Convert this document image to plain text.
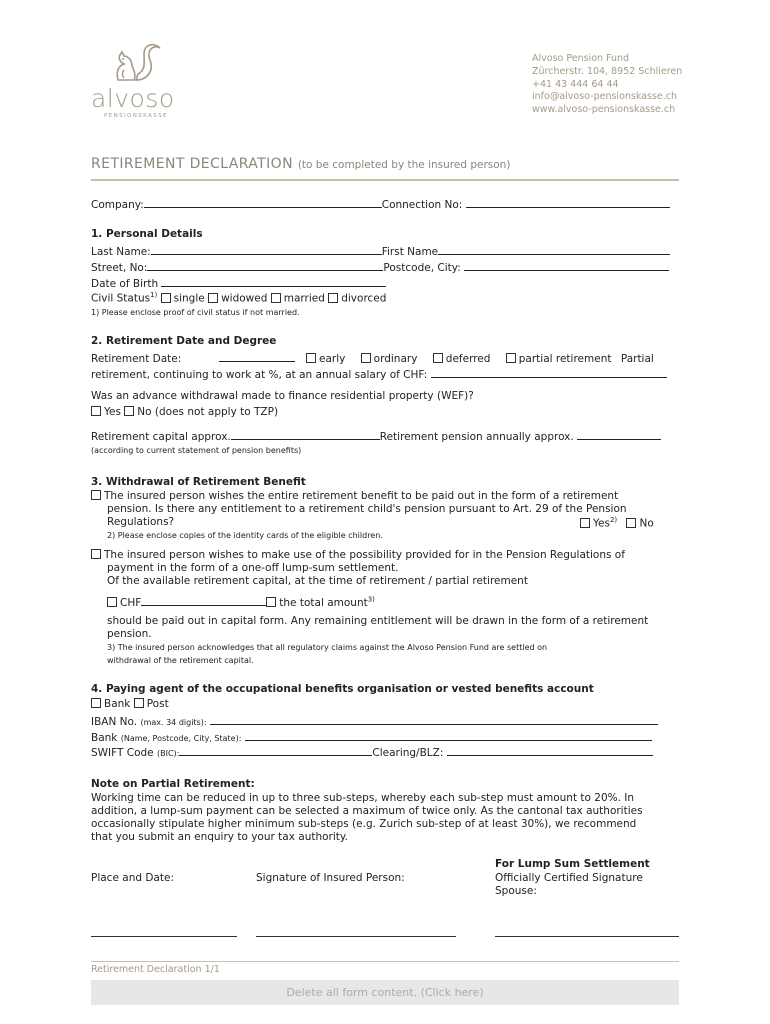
alvoso
PENSIONSKASSE
Alvoso Pension Fund
Zürcherstr. 104, 8952 Schlieren
+41 43 444 64 44
info@alvoso-pensionskasse.ch
www.alvoso-pensionskasse.ch
RETIREMENT DECLARATION (to be completed by the insured person)
Company:	Connection No:
1. Personal Details
Last Name:	First Name
Street, No:	Postcode, City:
Date of Birth
Civil Status$^{1)}$ single widowed married divorced
1) Please enclose proof of civil status if not married.
2. Retirement Date and Degree
Retirement Date:	early	ordinary	deferred	partial retirement Partial
retirement, continuing to work at %, at an annual salary of CHF:
Was an advance withdrawal made to finance residential property (WEF)?
Yes No (does not apply to TZP)
Retirement capital approx.	Retirement pension annually approx.
(according to current statement of pension benefits)
3. Withdrawal of Retirement Benefit
The insured person wishes the entire retirement benefit to be paid out in the form of a retirement
pension. Is there any entitlement to a retirement child's pension pursuant to Art. 29 of the Pension
Regulations?	Yes$^{2)}$ No
2) Please enclose copies of the identity cards of the eligible children.
The insured person wishes to make use of the possibility provided for in the Pension Regulations of
payment in the form of a one-off lump-sum settlement.
Of the available retirement capital, at the time of retirement / partial retirement
CHF	the total amount$^{3)}$
should be paid out in capital form. Any remaining entitlement will be drawn in the form of a retirement
pension.
3) The insured person acknowledges that all regulatory claims against the Alvoso Pension Fund are settled on
withdrawal of the retirement capital.
4. Paying agent of the occupational benefits organisation or vested benefits account
Bank Post
IBAN No. (max. 34 digits):
Bank (Name, Postcode, City, State):
SWIFT Code (BIC):	Clearing/BLZ:
Note on Partial Retirement:
Working time can be reduced in up to three sub-steps, whereby each sub-step must amount to 20%. In
addition, a lump-sum payment can be selected a maximum of twice only. As the cantonal tax authorities
occasionally stipulate higher minimum sub-steps (e.g. Zurich sub-step of at least 30%), we recommend
that you submit an enquiry to your tax authority.
For Lump Sum Settlement
Place and Date:	Signature of Insured Person:	Officially Certified Signature
Spouse:
Retirement Declaration 1/1
Delete all form content. (Click here)
